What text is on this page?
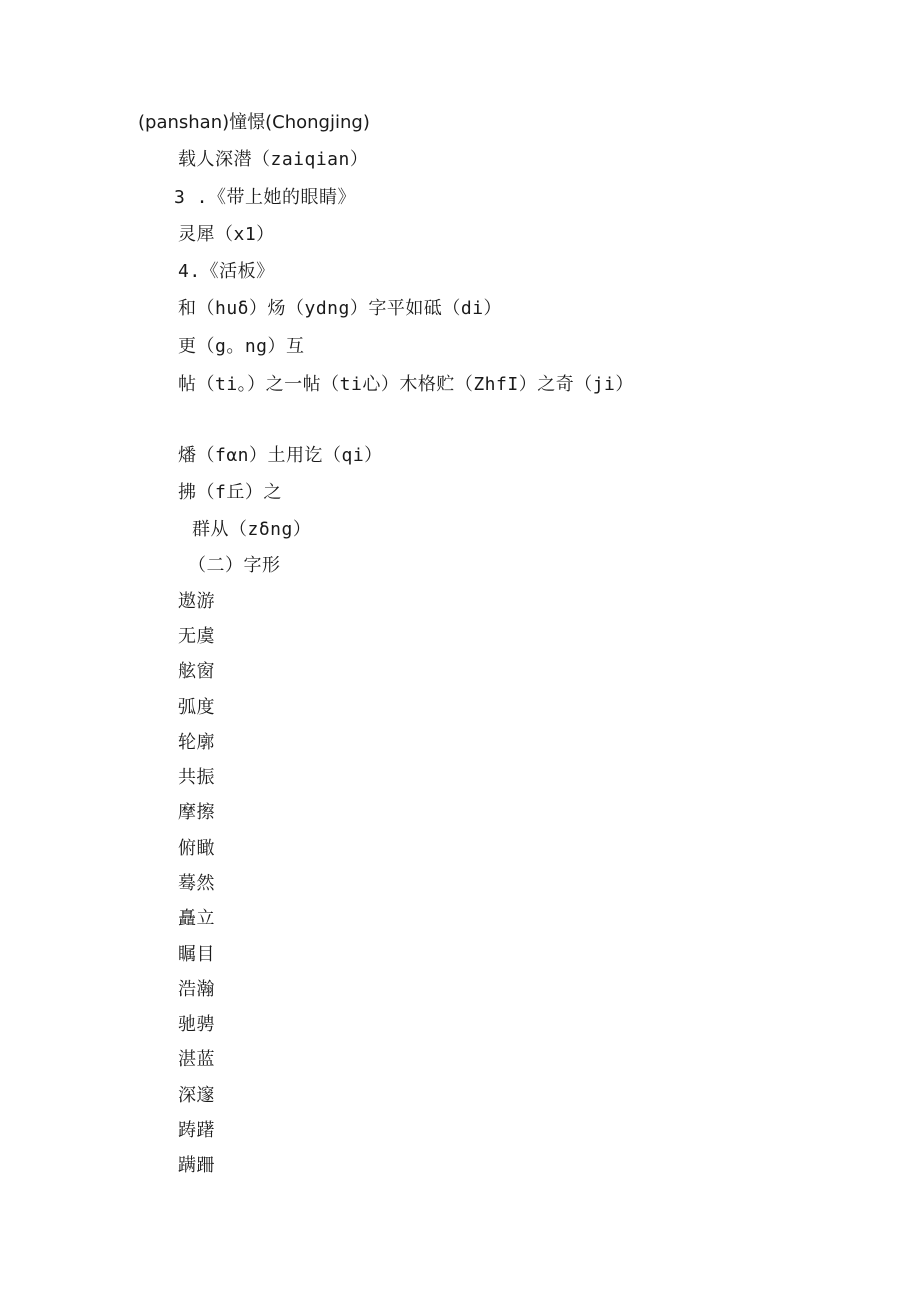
(panshan)憧憬(Chongjing)
载人深潜（zaiqian）
3 .《带上她的眼睛》
灵犀（x1）
4.《活板》
和（huδ）炀（ydng）字平如砥（di）
更（g。ng）互
帖（ti。）之一帖（ti心）木格贮（ZhfI）之奇（ji）
燔（fαn）土用讫（qi）
拂（f丘）之
群从（zδng）
（二）字形
遨游
无虞
舷窗
弧度
轮廓
共振
摩擦
俯瞰
蓦然
矗立
瞩目
浩瀚
驰骋
湛蓝
深邃
踌躇
蹒跚
